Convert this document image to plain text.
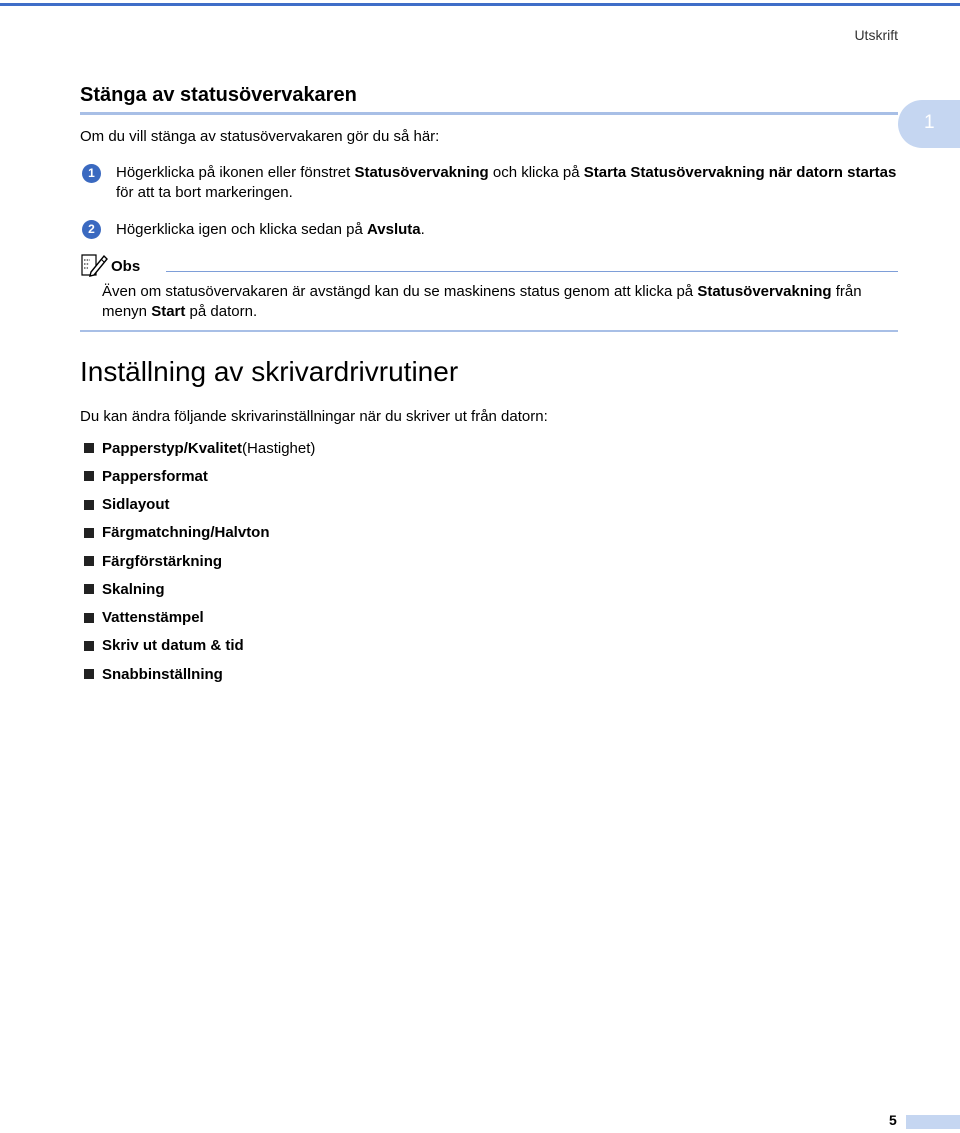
Utskrift
1
Stänga av statusövervakaren
Om du vill stänga av statusövervakaren gör du så här:
1	Högerklicka på ikonen eller fönstret Statusövervakning och klicka på Starta Statusövervakning när datorn startas för att ta bort markeringen.
2	Högerklicka igen och klicka sedan på Avsluta.
Obs
Även om statusövervakaren är avstängd kan du se maskinens status genom att klicka på Statusövervakning från menyn Start på datorn.
Inställning av skrivardrivrutiner
Du kan ändra följande skrivarinställningar när du skriver ut från datorn:
Papperstyp/Kvalitet (Hastighet)
Pappersformat
Sidlayout
Färgmatchning/Halvton
Färgförstärkning
Skalning
Vattenstämpel
Skriv ut datum & tid
Snabbinställning
5
